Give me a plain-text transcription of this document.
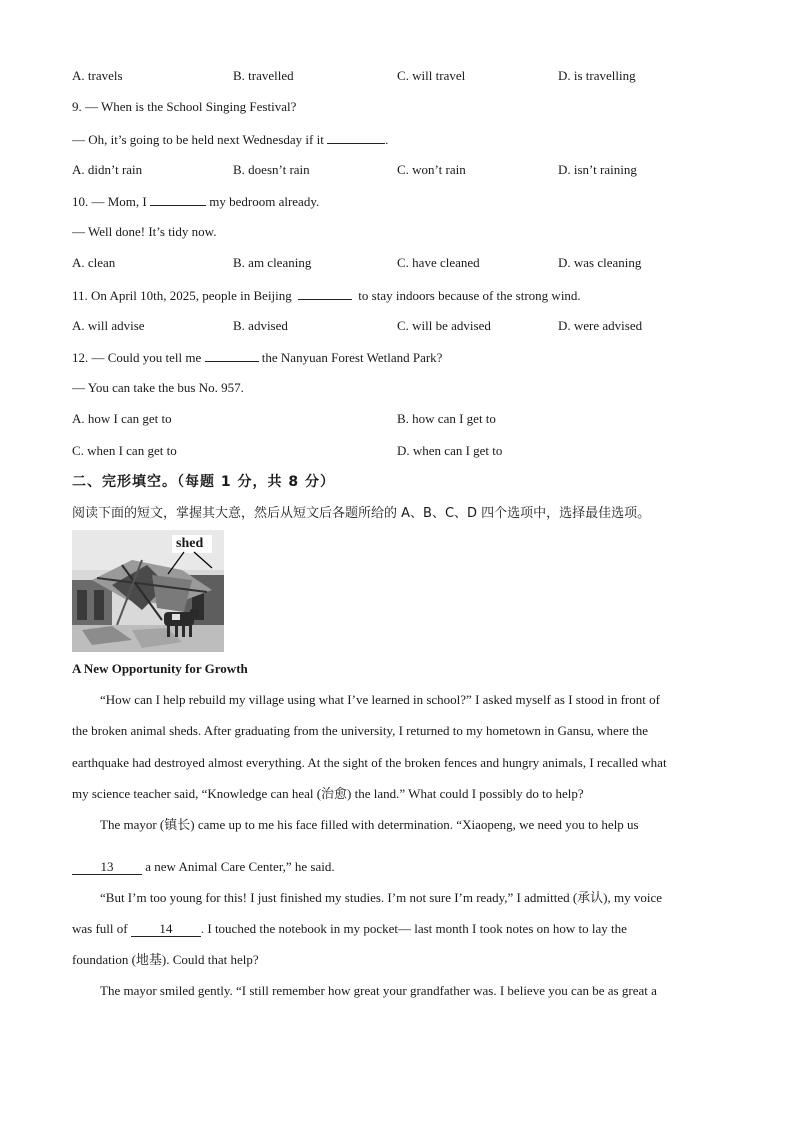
A. travels	B. travelled	C. will travel	D. is travelling
9. — When is the School Singing Festival?
— Oh, it’s going to be held next Wednesday if it	.
A. didn’t rain	B. doesn’t rain	C. won’t rain	D. isn’t raining
10. — Mom, I	my bedroom already.
— Well done! It’s tidy now.
A. clean	B. am cleaning	C. have cleaned	D. was cleaning
11. On April 10th, 2025, people in Beijing	to stay indoors because of the strong wind.
A. will advise	B. advised	C. will be advised	D. were advised
12. — Could you tell me	the Nanyuan Forest Wetland Park?
— You can take the bus No. 957.
A. how I can get to	B. how can I get to
C. when I can get to	D. when can I get to
二、完形填空。（每题 1 分，共 8 分）
阅读下面的短文，掌握其大意，然后从短文后各题所给的 A、B、C、D 四个选项中，选择最佳选项。
shed
A New Opportunity for Growth
“How can I help rebuild my village using what I’ve learned in school?” I asked myself as I stood in front of
the broken animal sheds. After graduating from the university, I returned to my hometown in Gansu, where the
earthquake had destroyed almost everything. At the sight of the broken fences and hungry animals, I recalled what
my science teacher said, “Knowledge can heal (治愈) the land.” What could I possibly do to help?
The mayor (镇长) came up to me his face filled with determination. “Xiaopeng, we need you to help us
13 a new Animal Care Center,” he said.
“But I’m too young for this! I just finished my studies. I’m not sure I’m ready,” I admitted (承认), my voice
was full of 14 . I touched the notebook in my pocket— last month I took notes on how to lay the
foundation (地基). Could that help?
The mayor smiled gently. “I still remember how great your grandfather was. I believe you can be as great a
